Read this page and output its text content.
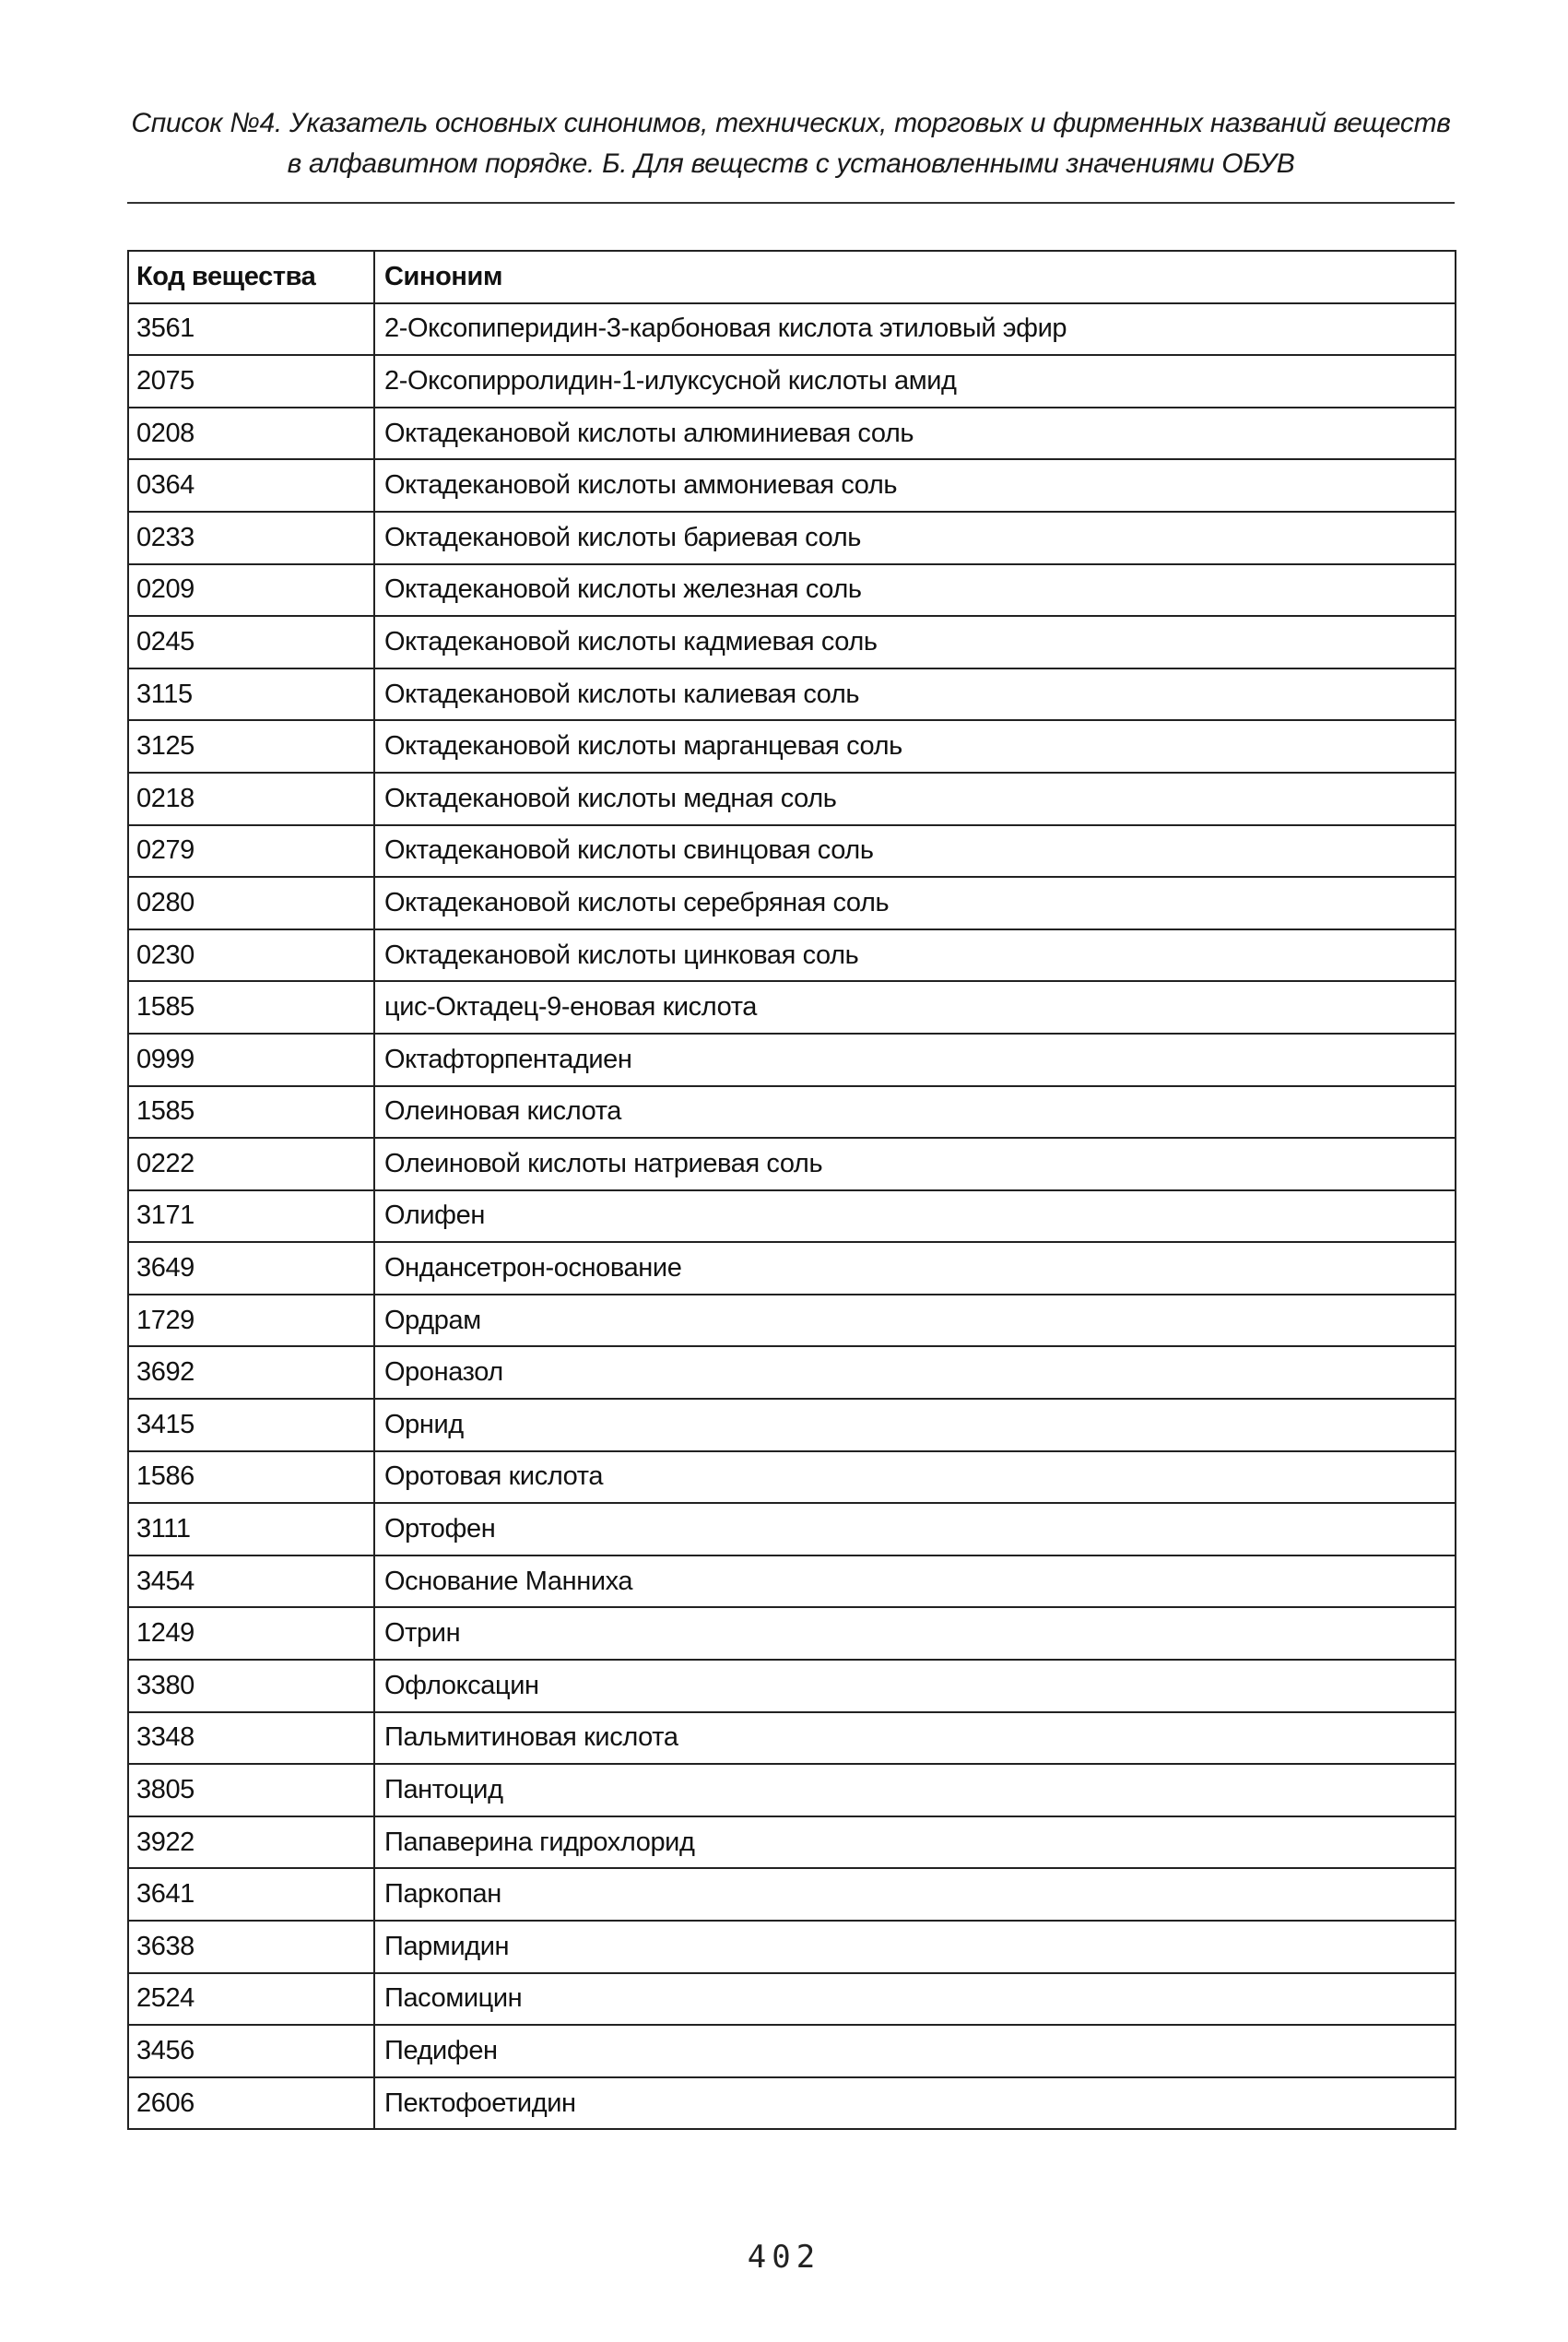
Список №4. Указатель основных синонимов, технических, торговых и фирменных названий веществ
в алфавитном порядке. Б. Для веществ с установленными значениями ОБУВ
Код вещества	Синоним
3561	2-Оксопиперидин-3-карбоновая кислота этиловый эфир
2075	2-Оксопирролидин-1-илуксусной кислоты амид
0208	Октадекановой кислоты алюминиевая соль
0364	Октадекановой кислоты аммониевая соль
0233	Октадекановой кислоты бариевая соль
0209	Октадекановой кислоты железная соль
0245	Октадекановой кислоты кадмиевая соль
3115	Октадекановой кислоты калиевая соль
3125	Октадекановой кислоты марганцевая соль
0218	Октадекановой кислоты медная соль
0279	Октадекановой кислоты свинцовая соль
0280	Октадекановой кислоты серебряная соль
0230	Октадекановой кислоты цинковая соль
1585	цис-Октадец-9-еновая кислота
0999	Октафторпентадиен
1585	Олеиновая кислота
0222	Олеиновой кислоты натриевая соль
3171	Олифен
3649	Ондансетрон-основание
1729	Ордрам
3692	Ороназол
3415	Орнид
1586	Оротовая кислота
3111	Ортофен
3454	Основание Манниха
1249	Отрин
3380	Офлоксацин
3348	Пальмитиновая кислота
3805	Пантоцид
3922	Папаверина гидрохлорид
3641	Паркопан
3638	Пармидин
2524	Пасомицин
3456	Педифен
2606	Пектофоетидин
402
